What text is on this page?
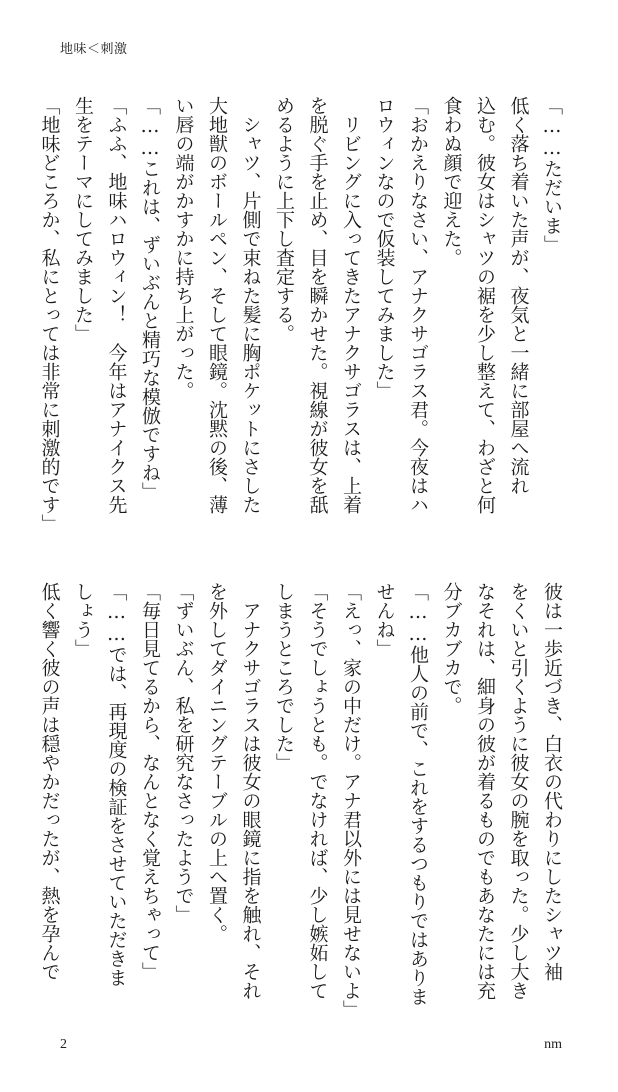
地味＜刺激
「……ただいま」
低く落ち着いた声が、夜気と一緒に部屋へ流れ
込む。彼女はシャツの裾を少し整えて、わざと何
食わぬ顔で迎えた。
「おかえりなさい、アナクサゴラス君。今夜はハ
ロウィンなので仮装してみました」
　リビングに入ってきたアナクサゴラスは、上着
を脱ぐ手を止め、目を瞬かせた。視線が彼女を舐
めるように上下し査定する。
　シャツ、片側で束ねた髪に胸ポケットにさした
大地獣のボールペン、そして眼鏡。沈黙の後、薄
い唇の端がかすかに持ち上がった。
「……これは、ずいぶんと精巧な模倣ですね」
「ふふ、地味ハロウィン！　今年はアナイクス先
生をテーマにしてみました」
「地味どころか、私にとっては非常に刺激的です」
彼は一歩近づき、白衣の代わりにしたシャツ袖
をくいと引くように彼女の腕を取った。少し大き
なそれは、細身の彼が着るものでもあなたには充
分ブカブカで。
「……他人の前で、これをするつもりではありま
せんね」
「えっ、家の中だけ。アナ君以外には見せないよ」
「そうでしょうとも。でなければ、少し嫉妬して
しまうところでした」
　アナクサゴラスは彼女の眼鏡に指を触れ、それ
を外してダイニングテーブルの上へ置く。
「ずいぶん、私を研究なさったようで」
「毎日見てるから、なんとなく覚えちゃって」
「……では、再現度の検証をさせていただきま
しょう」
低く響く彼の声は穏やかだったが、熱を孕んで
2	nm
